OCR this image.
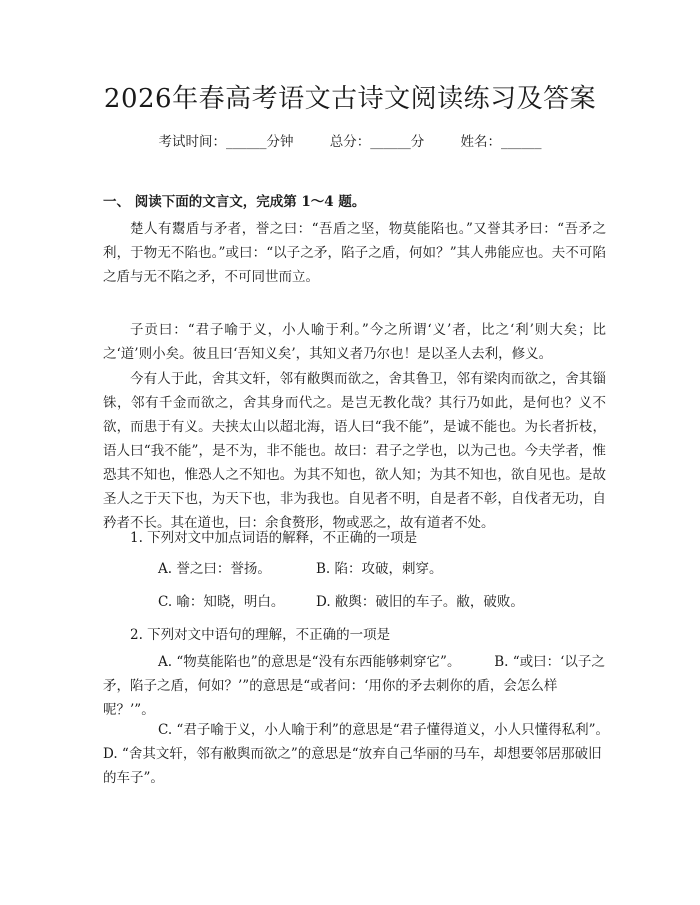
2026年春高考语文古诗文阅读练习及答案
考试时间：______分钟	总分：______分	姓名：______
一、 阅读下面的文言文，完成第 1～4 题。
楚人有鬻盾与矛者，誉之曰：“吾盾之坚，物莫能陷也。”又誉其矛曰：“吾矛之利，于物无不陷也。”或曰：“以子之矛，陷子之盾，何如？”其人弗能应也。夫不可陷之盾与无不陷之矛，不可同世而立。
子贡曰：“君子喻于义，小人喻于利。”今之所谓‘义’者，比之‘利’则大矣；比之‘道’则小矣。彼且曰‘吾知义矣’，其知义者乃尔也！是以圣人去利，修义。
今有人于此，舍其文轩，邻有敝舆而欲之，舍其鲁卫，邻有梁肉而欲之，舍其锱铢，邻有千金而欲之，舍其身而代之。是岂无教化哉？其行乃如此，是何也？义不欲，而患于有义。夫挟太山以超北海，语人曰“我不能”，是诚不能也。为长者折枝，语人曰“我不能”，是不为，非不能也。故曰：君子之学也，以为己也。今夫学者，惟恐其不知也，惟恐人之不知也。为其不知也，欲人知；为其不知也，欲自见也。是故圣人之于天下也，为天下也，非为我也。自见者不明，自是者不彰，自伐者无功，自矜者不长。其在道也，曰：余食赘形，物或恶之，故有道者不处。
1. 下列对文中加点词语的解释，不正确的一项是
A. 誉之曰：誉扬。	B. 陷：攻破，刺穿。
C. 喻：知晓，明白。 D. 敝舆：破旧的车子。敝，破败。
2. 下列对文中语句的理解，不正确的一项是
A. “物莫能陷也”的意思是“没有东西能够刺穿它”。　　　B. “或曰：‘以子之矛，陷子之盾，何如？’”的意思是“或者问：‘用你的矛去刺你的盾，会怎么样呢？’”。
C. “君子喻于义，小人喻于利”的意思是“君子懂得道义，小人只懂得私利”。　　　D. “舍其文轩，邻有敝舆而欲之”的意思是“放弃自己华丽的马车，却想要邻居那破旧的车子”。
